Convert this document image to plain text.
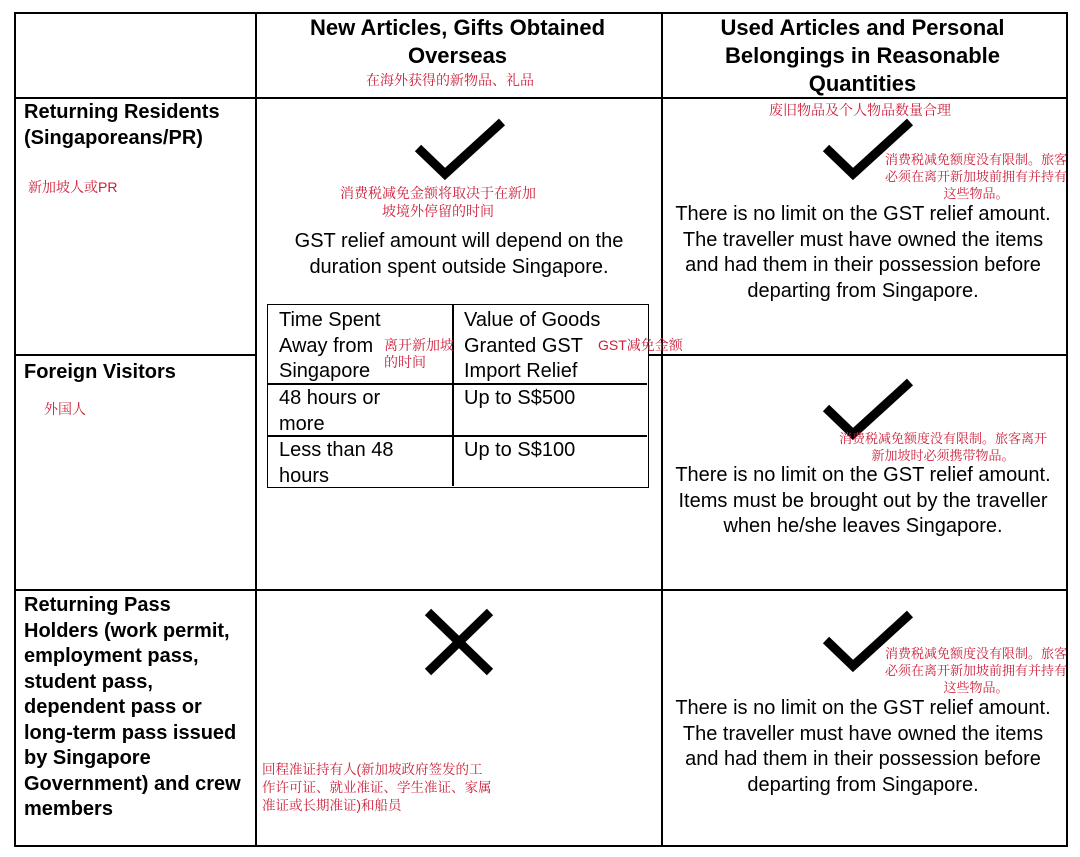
New Articles, Gifts Obtained Overseas
在海外获得的新物品、礼品
Used Articles and Personal Belongings in Reasonable Quantities
废旧物品及个人物品数量合理
Returning Residents (Singaporeans/PR)
新加坡人或PR	消费税减免金额将取决于在新加坡境外停留的时间
GST relief amount will depend on the duration spent outside Singapore.
Time Spent Away from Singapore
离开新加坡的时间
Value of Goods Granted GST Import Relief
GST减免金额
48 hours or more
Up to S$500
Less than 48 hours
Up to S$100
消费税减免额度没有限制。旅客必须在离开新加坡前拥有并持有这些物品。
There is no limit on the GST relief amount. The traveller must have owned the items and had them in their possession before departing from Singapore.
Foreign Visitors
外国人
消费税减免额度没有限制。旅客离开新加坡时必须携带物品。
There is no limit on the GST relief amount. Items must be brought out by the traveller when he/she leaves Singapore.
Returning Pass Holders (work permit, employment pass, student pass, dependent pass or long-term pass issued by Singapore Government) and crew members
回程准证持有人(新加坡政府签发的工作许可证、就业准证、学生准证、家属准证或长期准证)和船员
消费税减免额度没有限制。旅客必须在离开新加坡前拥有并持有这些物品。
There is no limit on the GST relief amount. The traveller must have owned the items and had them in their possession before departing from Singapore.
